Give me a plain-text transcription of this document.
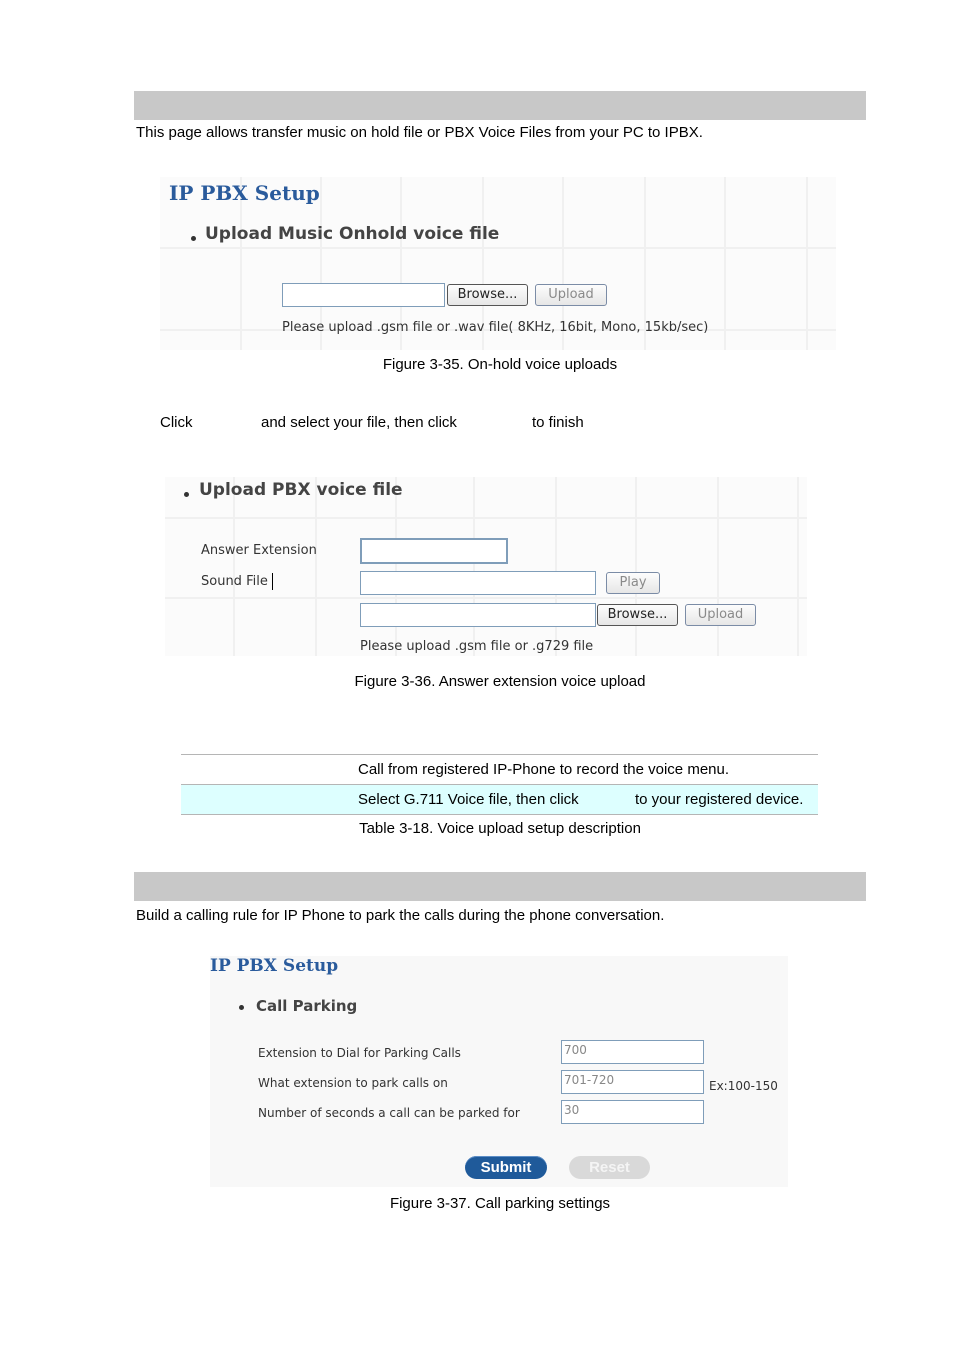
This page allows transfer music on hold file or PBX Voice Files from your PC to IPBX.
IP PBX Setup
Upload Music Onhold voice file
Browse...	Upload
Please upload .gsm file or .wav file( 8KHz, 16bit, Mono, 15kb/sec)
Figure 3-35. On-hold voice uploads
Click	and select your file, then click	to finish
Upload PBX voice file
Answer Extension
Sound File	Play
Browse...	Upload
Please upload .gsm file or .g729 file
Figure 3-36. Answer extension voice upload
Call from registered IP-Phone to record the voice menu.
Select G.711 Voice file, then click	to your registered device.
Table 3-18. Voice upload setup description
Build a calling rule for IP Phone to park the calls during the phone conversation.
IP PBX Setup
Call Parking
Extension to Dial for Parking Calls	700
What extension to park calls on	701-720	Ex:100-150
Number of seconds a call can be parked for	30
Submit	Reset
Figure 3-37. Call parking settings
